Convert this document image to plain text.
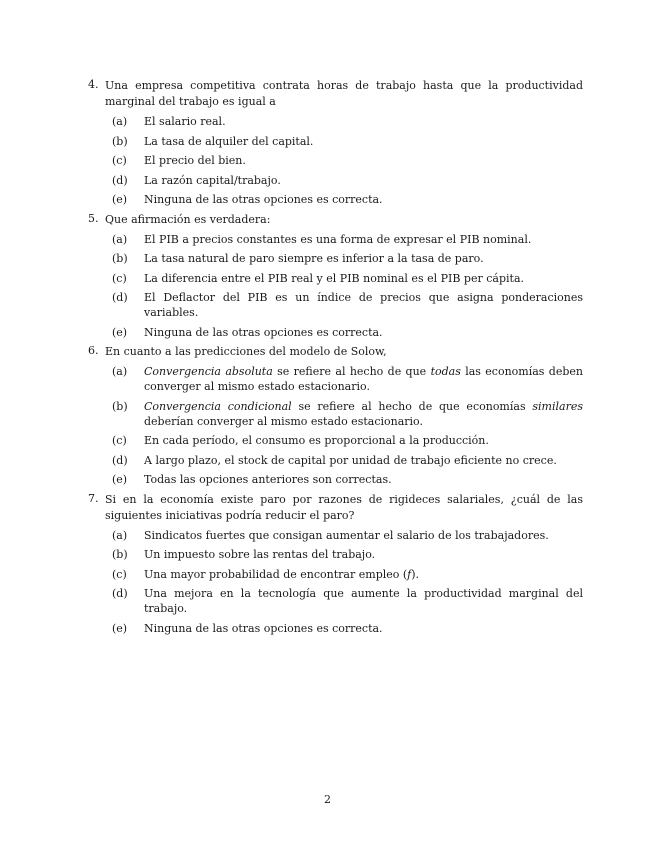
4. Una empresa competitiva contrata horas de trabajo hasta que la productividad marginal del trabajo es igual a
(a) El salario real.
(b) La tasa de alquiler del capital.
(c) El precio del bien.
(d) La razón capital/trabajo.
(e) Ninguna de las otras opciones es correcta.
5. Que afirmación es verdadera:
(a) El PIB a precios constantes es una forma de expresar el PIB nominal.
(b) La tasa natural de paro siempre es inferior a la tasa de paro.
(c) La diferencia entre el PIB real y el PIB nominal es el PIB per cápita.
(d) El Deflactor del PIB es un índice de precios que asigna ponderaciones variables.
(e) Ninguna de las otras opciones es correcta.
6. En cuanto a las predicciones del modelo de Solow,
(a) Convergencia absoluta se refiere al hecho de que todas las economías deben converger al mismo estado estacionario.
(b) Convergencia condicional se refiere al hecho de que economías similares deberían converger al mismo estado estacionario.
(c) En cada período, el consumo es proporcional a la producción.
(d) A largo plazo, el stock de capital por unidad de trabajo eficiente no crece.
(e) Todas las opciones anteriores son correctas.
7. Si en la economía existe paro por razones de rigideces salariales, ¿cuál de las siguientes iniciativas podría reducir el paro?
(a) Sindicatos fuertes que consigan aumentar el salario de los trabajadores.
(b) Un impuesto sobre las rentas del trabajo.
(c) Una mayor probabilidad de encontrar empleo (f).
(d) Una mejora en la tecnología que aumente la productividad marginal del trabajo.
(e) Ninguna de las otras opciones es correcta.
2
